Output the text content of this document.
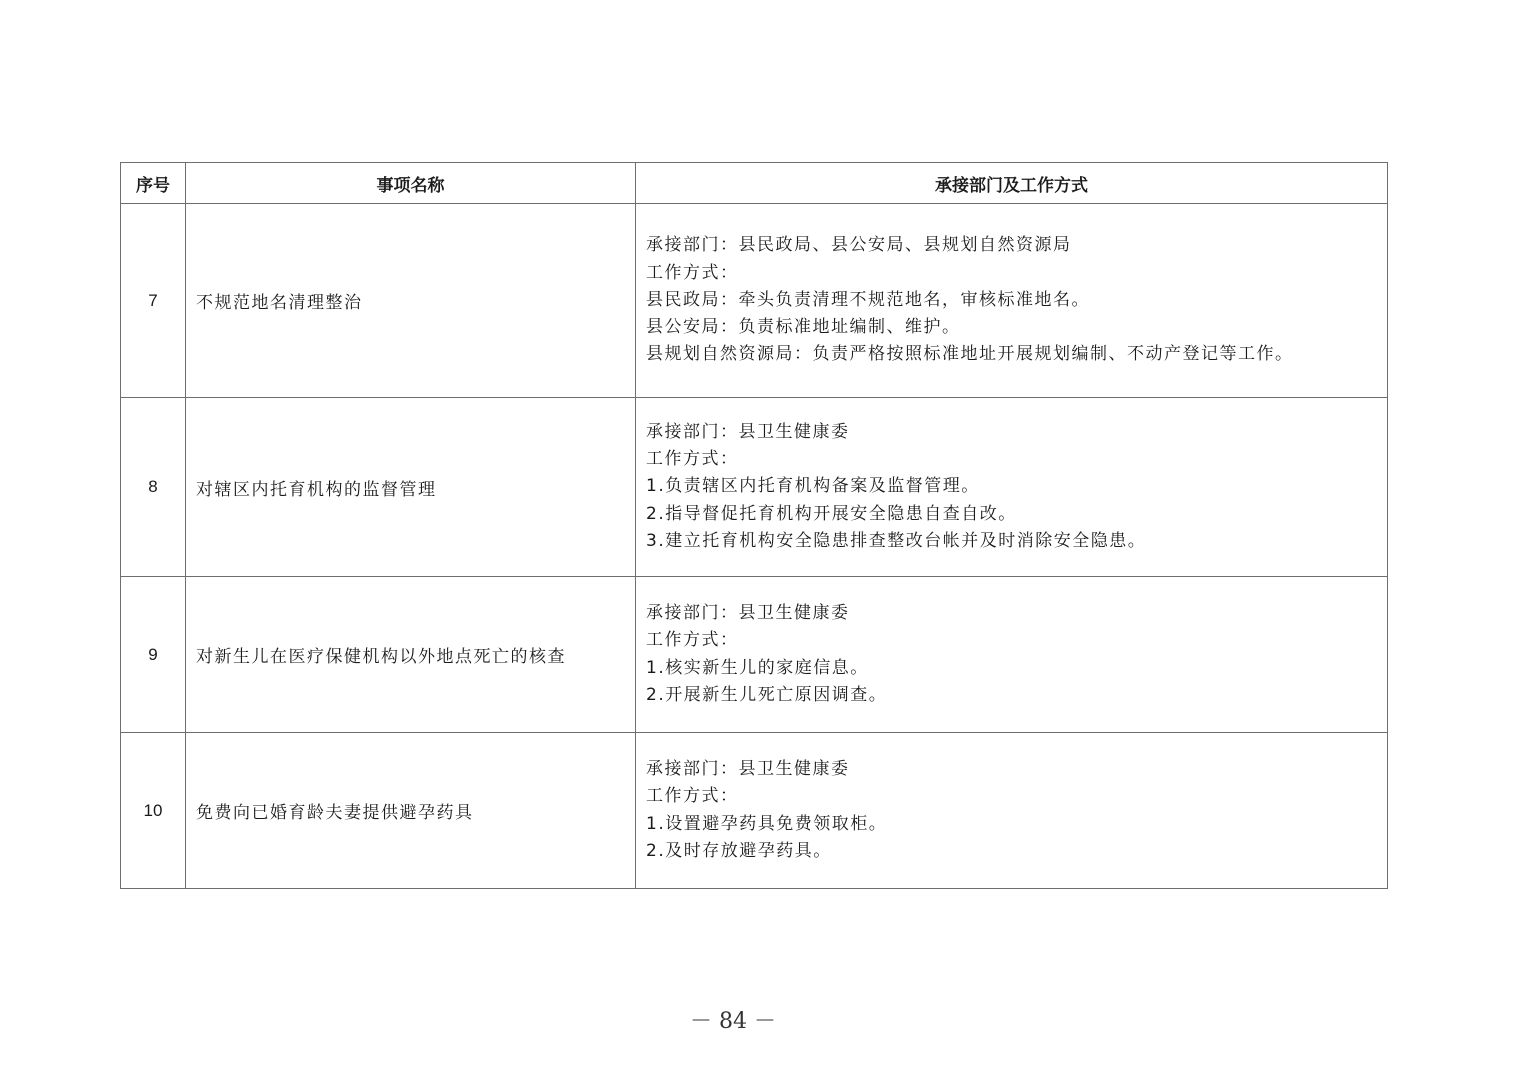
序号	事项名称	承接部门及工作方式
7	不规范地名清理整治	承接部门：县民政局、县公安局、县规划自然资源局
工作方式：
县民政局：牵头负责清理不规范地名，审核标准地名。
县公安局：负责标准地址编制、维护。
县规划自然资源局：负责严格按照标准地址开展规划编制、不动产登记等工作。

8	对辖区内托育机构的监督管理	承接部门：县卫生健康委
工作方式：
1.负责辖区内托育机构备案及监督管理。
2.指导督促托育机构开展安全隐患自查自改。
3.建立托育机构安全隐患排查整改台帐并及时消除安全隐患。

9	对新生儿在医疗保健机构以外地点死亡的核查	承接部门：县卫生健康委
工作方式：
1.核实新生儿的家庭信息。
2.开展新生儿死亡原因调查。

10	免费向已婚育龄夫妻提供避孕药具	承接部门：县卫生健康委
工作方式：
1.设置避孕药具免费领取柜。
2.及时存放避孕药具。
－ 84 －
